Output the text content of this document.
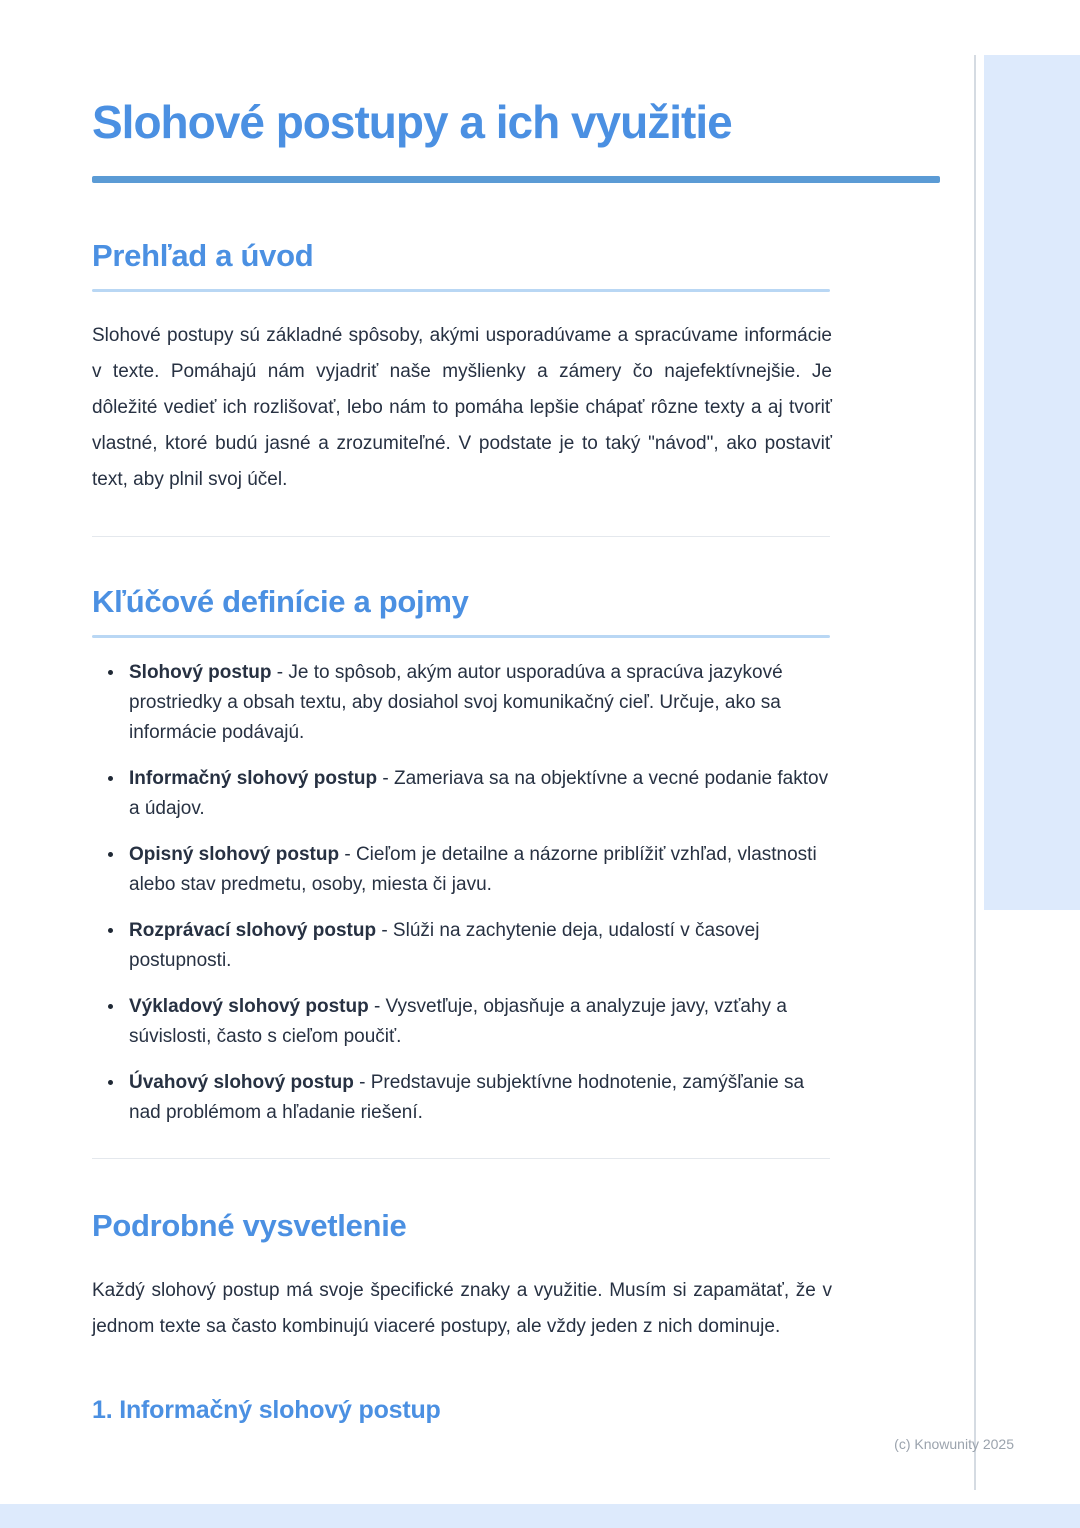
Slohové postupy a ich využitie
Prehľad a úvod

Slohové postupy sú základné spôsoby, akými usporadúvame a spracúvame informácie v texte. Pomáhajú nám vyjadriť naše myšlienky a zámery čo najefektívnejšie. Je dôležité vedieť ich rozlišovať, lebo nám to pomáha lepšie chápať rôzne texty a aj tvoriť vlastné, ktoré budú jasné a zrozumiteľné. V podstate je to taký "návod", ako postaviť text, aby plnil svoj účel.

Kľúčové definície a pojmy
• Slohový postup - Je to spôsob, akým autor usporadúva a spracúva jazykové prostriedky a obsah textu, aby dosiahol svoj komunikačný cieľ. Určuje, ako sa informácie podávajú.
• Informačný slohový postup - Zameriava sa na objektívne a vecné podanie faktov a údajov.
• Opisný slohový postup - Cieľom je detailne a názorne priblížiť vzhľad, vlastnosti alebo stav predmetu, osoby, miesta či javu.
• Rozprávací slohový postup - Slúži na zachytenie deja, udalostí v časovej postupnosti.
• Výkladový slohový postup - Vysvetľuje, objasňuje a analyzuje javy, vzťahy a súvislosti, často s cieľom poučiť.
• Úvahový slohový postup - Predstavuje subjektívne hodnotenie, zamýšľanie sa nad problémom a hľadanie riešení.
Podrobné vysvetlenie

Každý slohový postup má svoje špecifické znaky a využitie. Musím si zapamätať, že v jednom texte sa často kombinujú viaceré postupy, ale vždy jeden z nich dominuje.

1. Informačný slohový postup
(c) Knowunity 2025
